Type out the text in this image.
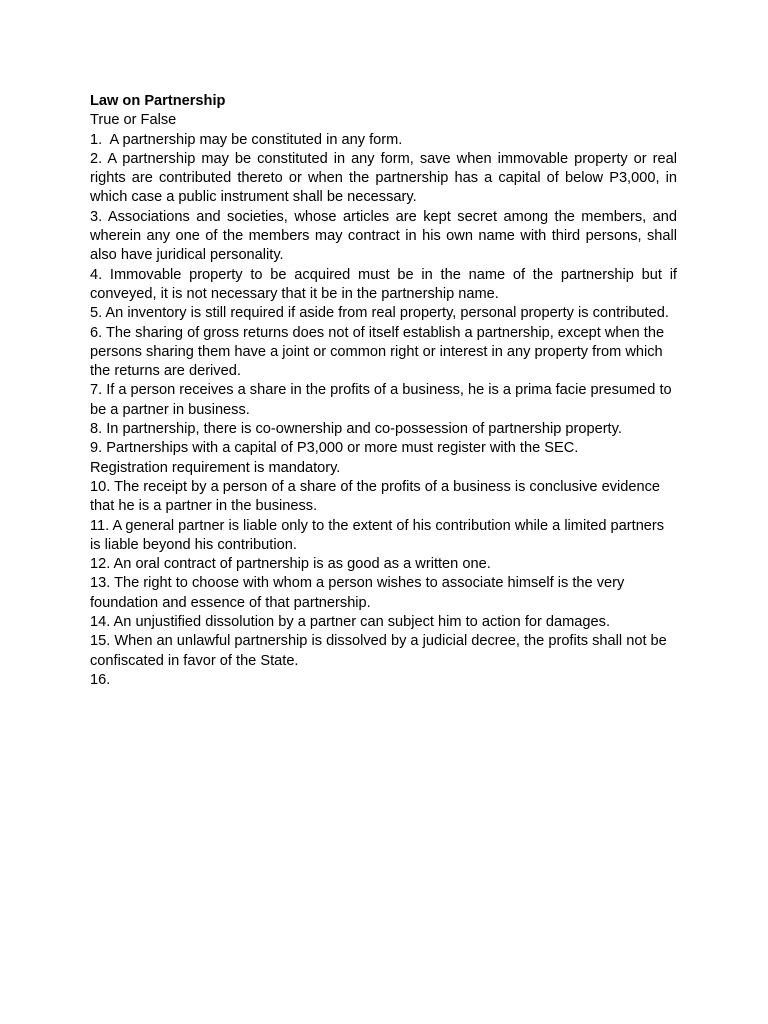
Law on Partnership
True or False
1.  A partnership may be constituted in any form.
2. A partnership may be constituted in any form, save when immovable property or real rights are contributed thereto or when the partnership has a capital of below P3,000, in which case a public instrument shall be necessary.
3. Associations and societies, whose articles are kept secret among the members, and wherein any one of the members may contract in his own name with third persons, shall also have juridical personality.
4. Immovable property to be acquired must be in the name of the partnership but if conveyed, it is not necessary that it be in the partnership name.
5. An inventory is still required if aside from real property, personal property is contributed.
6. The sharing of gross returns does not of itself establish a partnership, except when the persons sharing them have a joint or common right or interest in any property from which the returns are derived.
7. If a person receives a share in the profits of a business, he is a prima facie presumed to be a partner in business.
8. In partnership, there is co-ownership and co-possession of partnership property.
9. Partnerships with a capital of P3,000 or more must register with the SEC.
Registration requirement is mandatory.
10. The receipt by a person of a share of the profits of a business is conclusive evidence that he is a partner in the business.
11. A general partner is liable only to the extent of his contribution while a limited partners is liable beyond his contribution.
12. An oral contract of partnership is as good as a written one.
13. The right to choose with whom a person wishes to associate himself is the very foundation and essence of that partnership.
14. An unjustified dissolution by a partner can subject him to action for damages.
15. When an unlawful partnership is dissolved by a judicial decree, the profits shall not be confiscated in favor of the State.
16.
